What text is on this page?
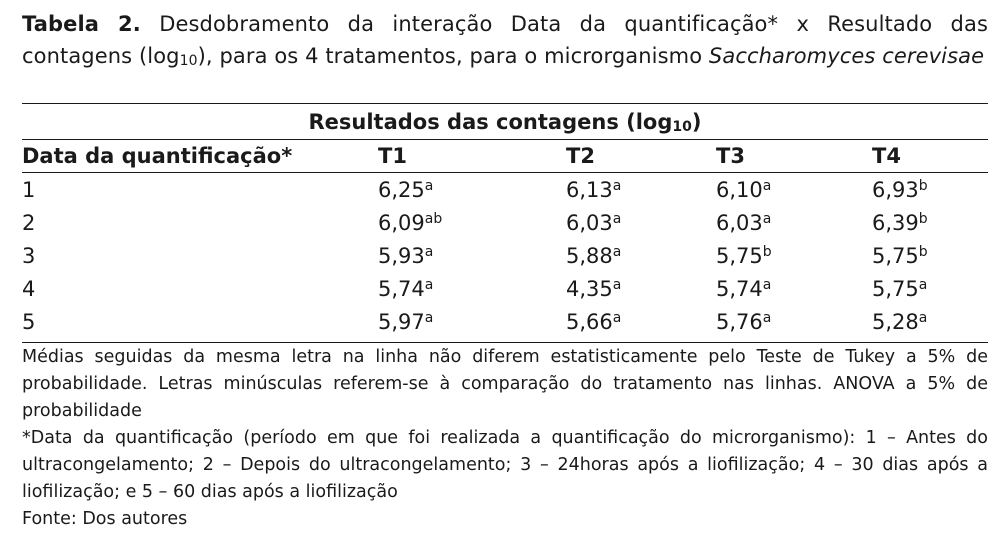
Tabela 2. Desdobramento da interação Data da quantificação* x Resultado das contagens $(\log_{10})$, para os 4 tratamentos, para o microrganismo Saccharomyces cerevisae
Resultados das contagens $(\log_{10})$
Data da quantificação*	T1	T2	T3	T4
1	6,25$^a$	6,13$^a$	6,10$^a$	6,93$^b$
2	6,09$^{ab}$	6,03$^a$	6,03$^a$	6,39$^b$
3	5,93$^a$	5,88$^a$	5,75$^b$	5,75$^b$
4	5,74$^a$	4,35$^a$	5,74$^a$	5,75$^a$
5	5,97$^a$	5,66$^a$	5,76$^a$	5,28$^a$

Médias seguidas da mesma letra na linha não diferem estatisticamente pelo Teste de Tukey a 5% de probabilidade. Letras minúsculas referem-se à comparação do tratamento nas linhas. ANOVA a 5% de probabilidade

*Data da quantificação (período em que foi realizada a quantificação do microrganismo): 1 – Antes do ultracongelamento; 2 – Depois do ultracongelamento; 3 – 24horas após a liofilização; 4 – 30 dias após a liofilização; e 5 – 60 dias após a liofilização

Fonte: Dos autores
